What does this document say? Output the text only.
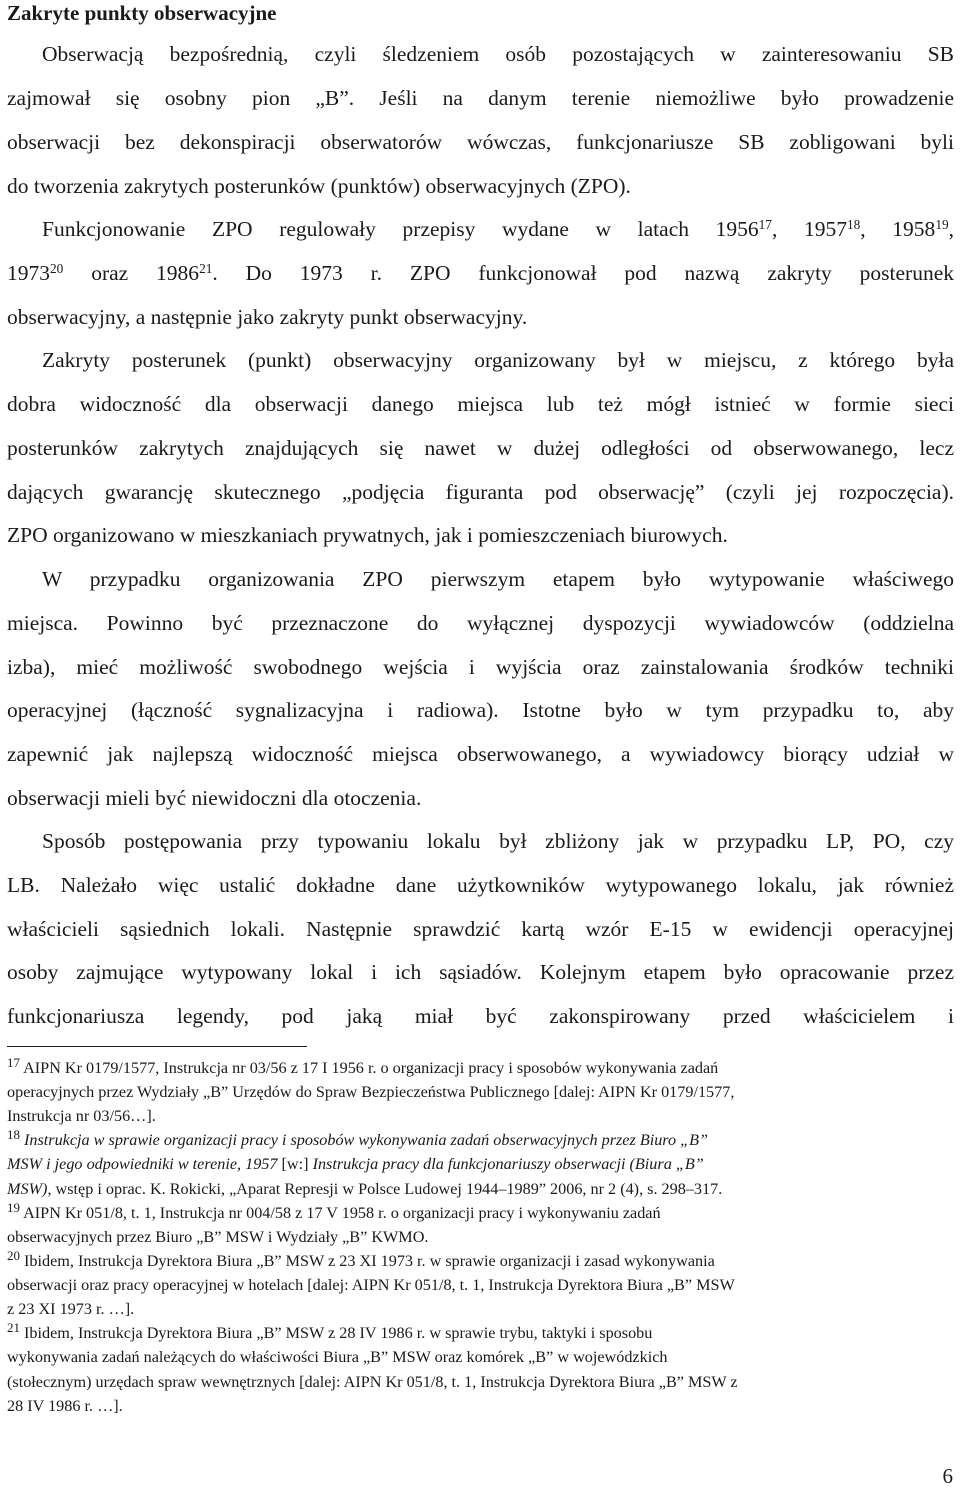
Zakryte punkty obserwacyjne
Obserwacją bezpośrednią, czyli śledzeniem osób pozostających w zainteresowaniu SB
zajmował się osobny pion „B”. Jeśli na danym terenie niemożliwe było prowadzenie
obserwacji bez dekonspiracji obserwatorów wówczas, funkcjonariusze SB zobligowani byli
do tworzenia zakrytych posterunków (punktów) obserwacyjnych (ZPO).
Funkcjonowanie ZPO regulowały przepisy wydane w latach 1956$^{17}$, 1957$^{18}$, 1958$^{19}$,
1973$^{20}$ oraz 1986$^{21}$. Do 1973 r. ZPO funkcjonował pod nazwą zakryty posterunek
obserwacyjny, a następnie jako zakryty punkt obserwacyjny.
Zakryty posterunek (punkt) obserwacyjny organizowany był w miejscu, z którego była
dobra widoczność dla obserwacji danego miejsca lub też mógł istnieć w formie sieci
posterunków zakrytych znajdujących się nawet w dużej odległości od obserwowanego, lecz
dających gwarancję skutecznego „podjęcia figuranta pod obserwację” (czyli jej rozpoczęcia).
ZPO organizowano w mieszkaniach prywatnych, jak i pomieszczeniach biurowych.
W przypadku organizowania ZPO pierwszym etapem było wytypowanie właściwego
miejsca. Powinno być przeznaczone do wyłącznej dyspozycji wywiadowców (oddzielna
izba), mieć możliwość swobodnego wejścia i wyjścia oraz zainstalowania środków techniki
operacyjnej (łączność sygnalizacyjna i radiowa). Istotne było w tym przypadku to, aby
zapewnić jak najlepszą widoczność miejsca obserwowanego, a wywiadowcy biorący udział w
obserwacji mieli być niewidoczni dla otoczenia.
Sposób postępowania przy typowaniu lokalu był zbliżony jak w przypadku LP, PO, czy
LB. Należało więc ustalić dokładne dane użytkowników wytypowanego lokalu, jak również
właścicieli sąsiednich lokali. Następnie sprawdzić kartą wzór E-15 w ewidencji operacyjnej
osoby zajmujące wytypowany lokal i ich sąsiadów. Kolejnym etapem było opracowanie przez
funkcjonariusza legendy, pod jaką miał być zakonspirowany przed właścicielem i
$^{17}$ AIPN Kr 0179/1577, Instrukcja nr 03/56 z 17 I 1956 r. o organizacji pracy i sposobów wykonywania zadań
operacyjnych przez Wydziały „B” Urzędów do Spraw Bezpieczeństwa Publicznego [dalej: AIPN Kr 0179/1577,
Instrukcja nr 03/56…].
$^{18}$ Instrukcja w sprawie organizacji pracy i sposobów wykonywania zadań obserwacyjnych przez Biuro „B”
MSW i jego odpowiedniki w terenie, 1957 [w:] Instrukcja pracy dla funkcjonariuszy obserwacji (Biura „B”
MSW), wstęp i oprac. K. Rokicki, „Aparat Represji w Polsce Ludowej 1944–1989” 2006, nr 2 (4), s. 298–317.
$^{19}$ AIPN Kr 051/8, t. 1, Instrukcja nr 004/58 z 17 V 1958 r. o organizacji pracy i wykonywaniu zadań
obserwacyjnych przez Biuro „B” MSW i Wydziały „B” KWMO.
$^{20}$ Ibidem, Instrukcja Dyrektora Biura „B” MSW z 23 XI 1973 r. w sprawie organizacji i zasad wykonywania
obserwacji oraz pracy operacyjnej w hotelach [dalej: AIPN Kr 051/8, t. 1, Instrukcja Dyrektora Biura „B” MSW
z 23 XI 1973 r. …].
$^{21}$ Ibidem, Instrukcja Dyrektora Biura „B” MSW z 28 IV 1986 r. w sprawie trybu, taktyki i sposobu
wykonywania zadań należących do właściwości Biura „B” MSW oraz komórek „B” w wojewódzkich
(stołecznym) urzędach spraw wewnętrznych [dalej: AIPN Kr 051/8, t. 1, Instrukcja Dyrektora Biura „B” MSW z
28 IV 1986 r. …].
6
